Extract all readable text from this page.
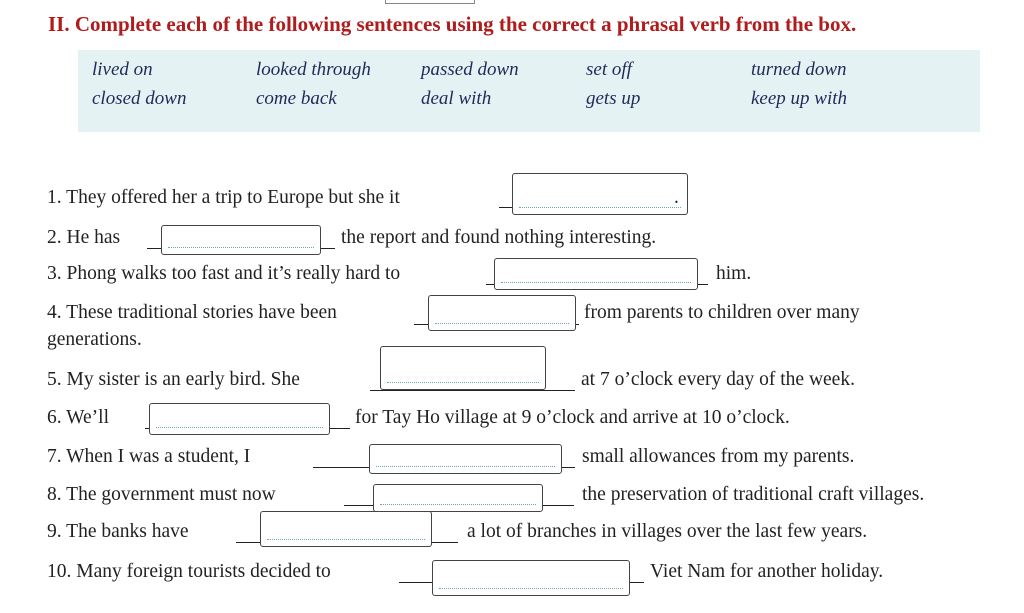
II. Complete each of the following sentences using the correct a phrasal verb from the box.
lived on	looked through	passed down	set off	turned down
closed down	come back	deal with	gets up	keep up with
1. They offered her a trip to Europe but she it	.
2. He has	the report and found nothing interesting.
3. Phong walks too fast and it’s really hard to	him.
4. These traditional stories have been	from parents to children over many
generations.
5. My sister is an early bird. She	at 7 o’clock every day of the week.
6. We’ll	for Tay Ho village at 9 o’clock and arrive at 10 o’clock.
7. When I was a student, I	small allowances from my parents.
8. The government must now	the preservation of traditional craft villages.
9. The banks have	a lot of branches in villages over the last few years.
10. Many foreign tourists decided to	Viet Nam for another holiday.
